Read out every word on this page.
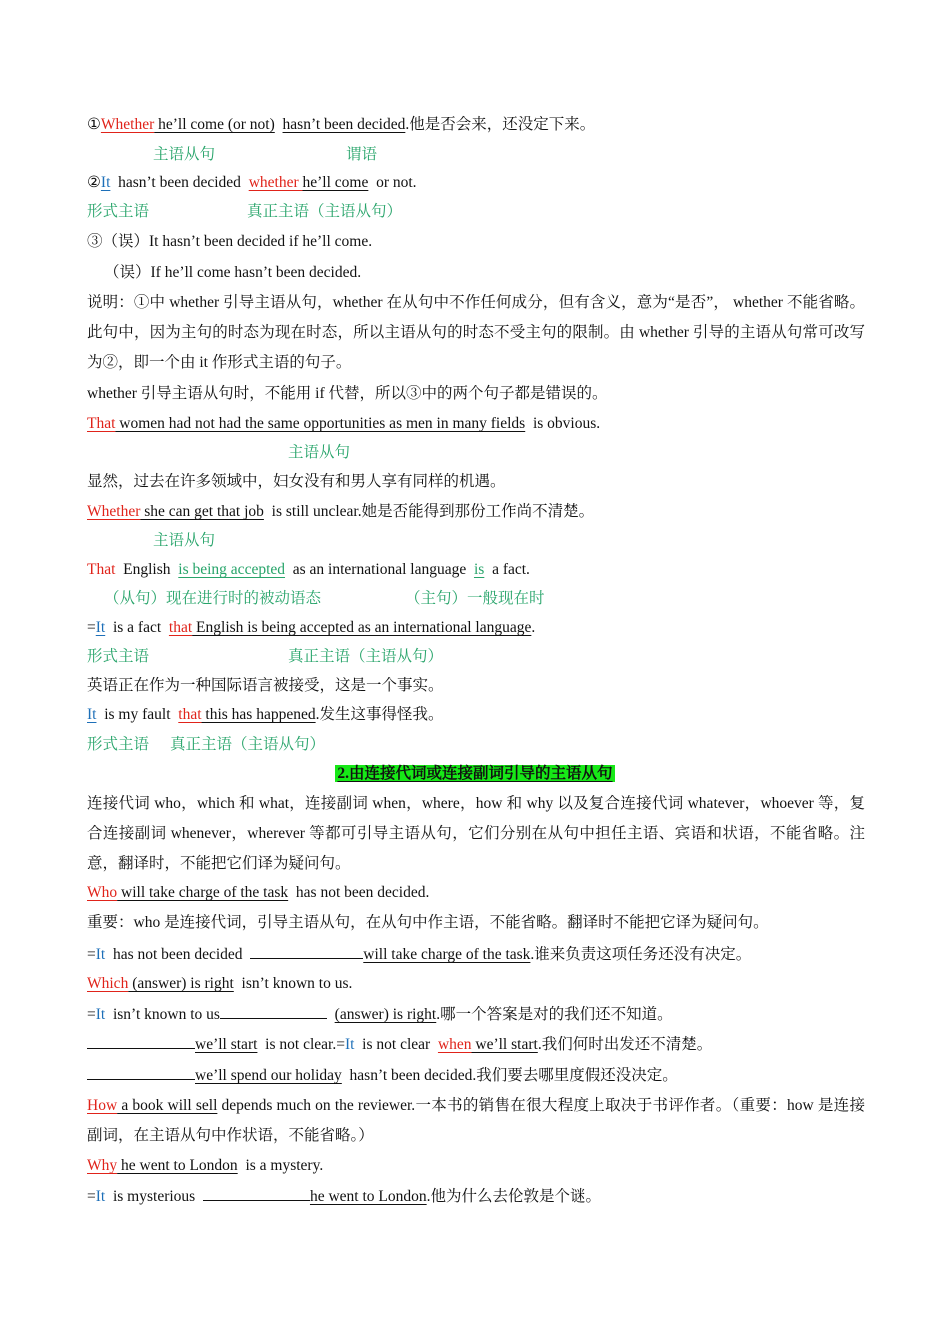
①Whether he’ll come (or not) hasn’t been decided.他是否会来，还没定下来。
主语从句	谓语
②It  hasn’t been decided  whether he’ll come  or not.
形式主语	真正主语（主语从句）
③（误）It hasn’t been decided if he’ll come.
（误）If he’ll come hasn’t been decided.
说明：①中 whether 引导主语从句，whether 在从句中不作任何成分，但有含义，意为“是否”， whether 不能省略。此句中，因为主句的时态为现在时态，所以主语从句的时态不受主句的限制。由 whether 引导的主语从句常可改写为②，即一个由 it 作形式主语的句子。
whether 引导主语从句时，不能用 if 代替，所以③中的两个句子都是错误的。
That women had not had the same opportunities as men in many fields  is obvious.
主语从句
显然，过去在许多领域中，妇女没有和男人享有同样的机遇。
Whether she can get that job  is still unclear.她是否能得到那份工作尚不清楚。
主语从句
That  English  is being accepted  as an international language  is  a fact.
（从句）现在进行时的被动语态	（主句）一般现在时
=It  is a fact  that English is being accepted as an international language.
形式主语	真正主语（主语从句）
英语正在作为一种国际语言被接受，这是一个事实。
It  is my fault  that this has happened.发生这事得怪我。
形式主语 真正主语（主语从句）
2.由连接代词或连接副词引导的主语从句
连接代词 who，which 和 what，连接副词 when，where，how 和 why 以及复合连接代词 whatever，whoever 等，复合连接副词 whenever，wherever 等都可引导主语从句，它们分别在从句中担任主语、宾语和状语，不能省略。注意，翻译时，不能把它们译为疑问句。
Who will take charge of the task  has not been decided.
重要：who 是连接代词，引导主语从句，在从句中作主语，不能省略。翻译时不能把它译为疑问句。
=It  has not been decided	will take charge of the task.谁来负责这项任务还没有决定。
Which (answer) is right  isn’t known to us.
=It  isn’t known to us	(answer) is right.哪一个答案是对的我们还不知道。
we’ll start  is not clear.=It  is not clear  when we’ll start.我们何时出发还不清楚。
we’ll spend our holiday  hasn’t been decided.我们要去哪里度假还没决定。
How a book will sell depends much on the reviewer.一本书的销售在很大程度上取决于书评作者。（重要：how 是连接副词，在主语从句中作状语，不能省略。）
Why he went to London  is a mystery.
=It  is mysterious	he went to London.他为什么去伦敦是个谜。
